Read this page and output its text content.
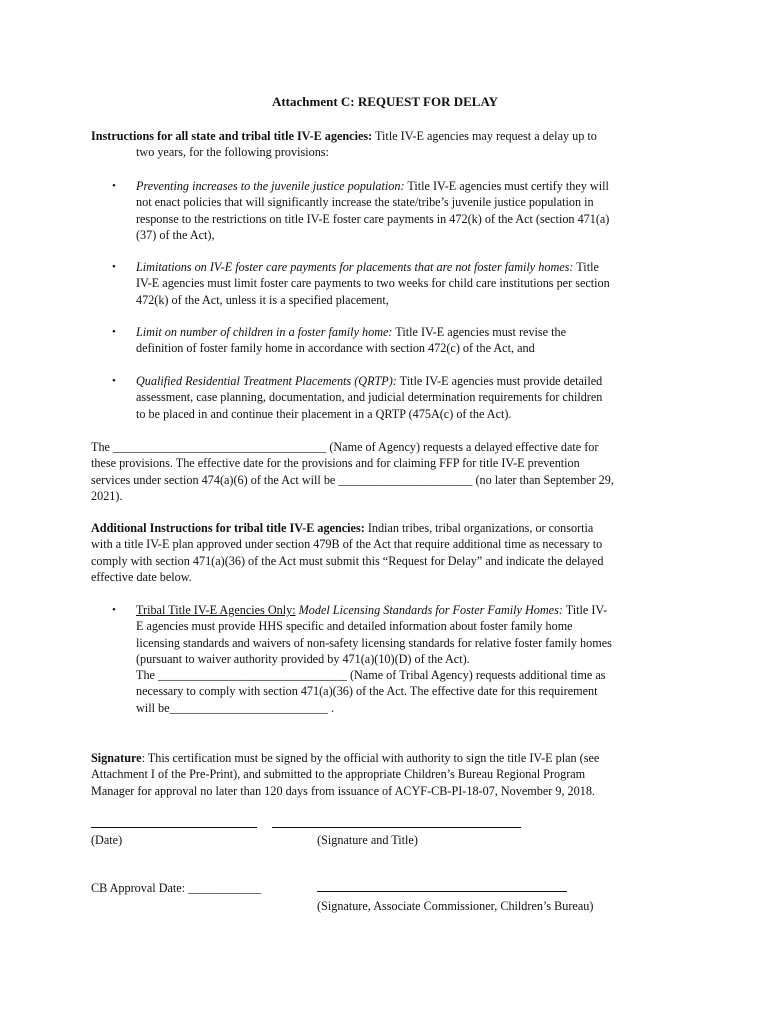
Attachment C: REQUEST FOR DELAY

Instructions for all state and tribal title IV-E agencies: Title IV-E agencies may request a delay up to
two years, for the following provisions:
• Preventing increases to the juvenile justice population: Title IV-E agencies must certify they will
not enact policies that will significantly increase the state/tribe’s juvenile justice population in
response to the restrictions on title IV-E foster care payments in 472(k) of the Act (section 471(a)
(37) of the Act),
• Limitations on IV-E foster care payments for placements that are not foster family homes: Title
IV-E agencies must limit foster care payments to two weeks for child care institutions per section
472(k) of the Act, unless it is a specified placement,
• Limit on number of children in a foster family home: Title IV-E agencies must revise the
definition of foster family home in accordance with section 472(c) of the Act, and
• Qualified Residential Treatment Placements (QRTP): Title IV-E agencies must provide detailed
assessment, case planning, documentation, and judicial determination requirements for children
to be placed in and continue their placement in a QRTP (475A(c) of the Act).
The ___________________________________ (Name of Agency) requests a delayed effective date for
these provisions. The effective date for the provisions and for claiming FFP for title IV-E prevention
services under section 474(a)(6) of the Act will be ______________________ (no later than September 29,
2021).
Additional Instructions for tribal title IV-E agencies: Indian tribes, tribal organizations, or consortia
with a title IV-E plan approved under section 479B of the Act that require additional time as necessary to
comply with section 471(a)(36) of the Act must submit this “Request for Delay” and indicate the delayed
effective date below.
• Tribal Title IV-E Agencies Only: Model Licensing Standards for Foster Family Homes: Title IV-
E agencies must provide HHS specific and detailed information about foster family home
licensing standards and waivers of non-safety licensing standards for relative foster family homes
(pursuant to waiver authority provided by 471(a)(10)(D) of the Act).
The _______________________________ (Name of Tribal Agency) requests additional time as
necessary to comply with section 471(a)(36) of the Act. The effective date for this requirement
will be__________________________ .
Signature: This certification must be signed by the official with authority to sign the title IV-E plan (see
Attachment I of the Pre-Print), and submitted to the appropriate Children’s Bureau Regional Program
Manager for approval no later than 120 days from issuance of ACYF-CB-PI-18-07, November 9, 2018.

(Date)	(Signature and Title)

CB Approval Date: ____________

(Signature, Associate Commissioner, Children’s Bureau)
